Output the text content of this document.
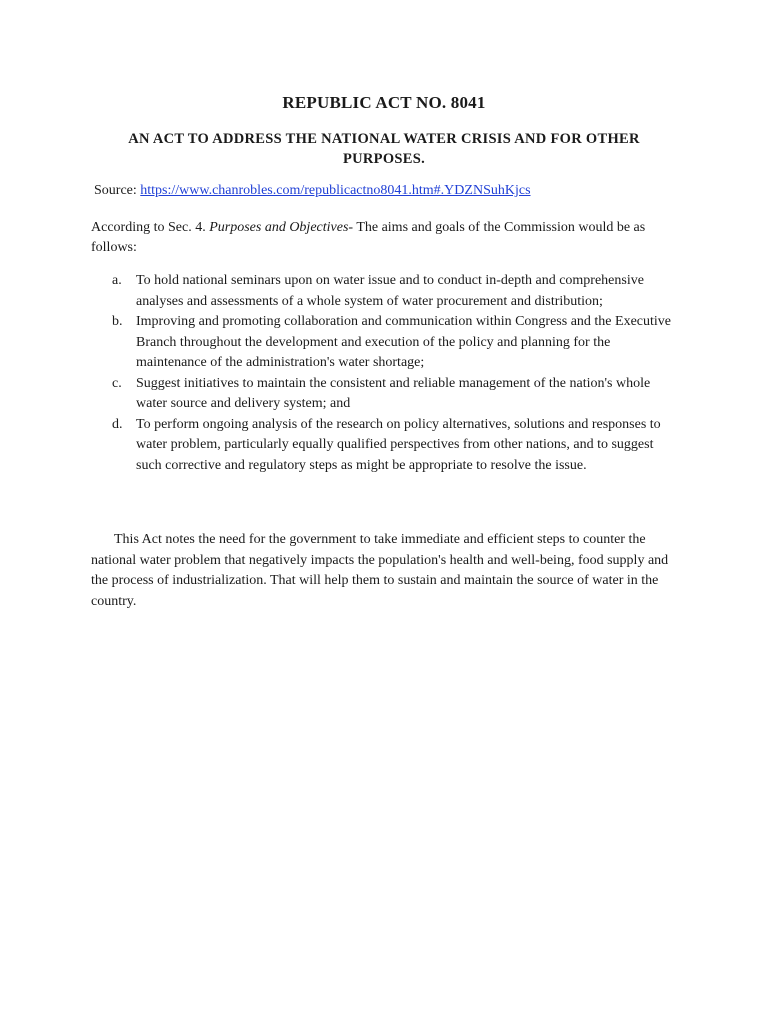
REPUBLIC ACT NO. 8041
AN ACT TO ADDRESS THE NATIONAL WATER CRISIS AND FOR OTHER PURPOSES.

Source: https://www.chanrobles.com/republicactno8041.htm#.YDZNSuhKjcs

According to Sec. 4. Purposes and Objectives- The aims and goals of the Commission would be as follows:

a. To hold national seminars upon on water issue and to conduct in-depth and comprehensive analyses and assessments of a whole system of water procurement and distribution;
b. Improving and promoting collaboration and communication within Congress and the Executive Branch throughout the development and execution of the policy and planning for the maintenance of the administration's water shortage;
c. Suggest initiatives to maintain the consistent and reliable management of the nation's whole water source and delivery system; and
d. To perform ongoing analysis of the research on policy alternatives, solutions and responses to water problem, particularly equally qualified perspectives from other nations, and to suggest such corrective and regulatory steps as might be appropriate to resolve the issue.

This Act notes the need for the government to take immediate and efficient steps to counter the national water problem that negatively impacts the population's health and well-being, food supply and the process of industrialization. That will help them to sustain and maintain the source of water in the country.
